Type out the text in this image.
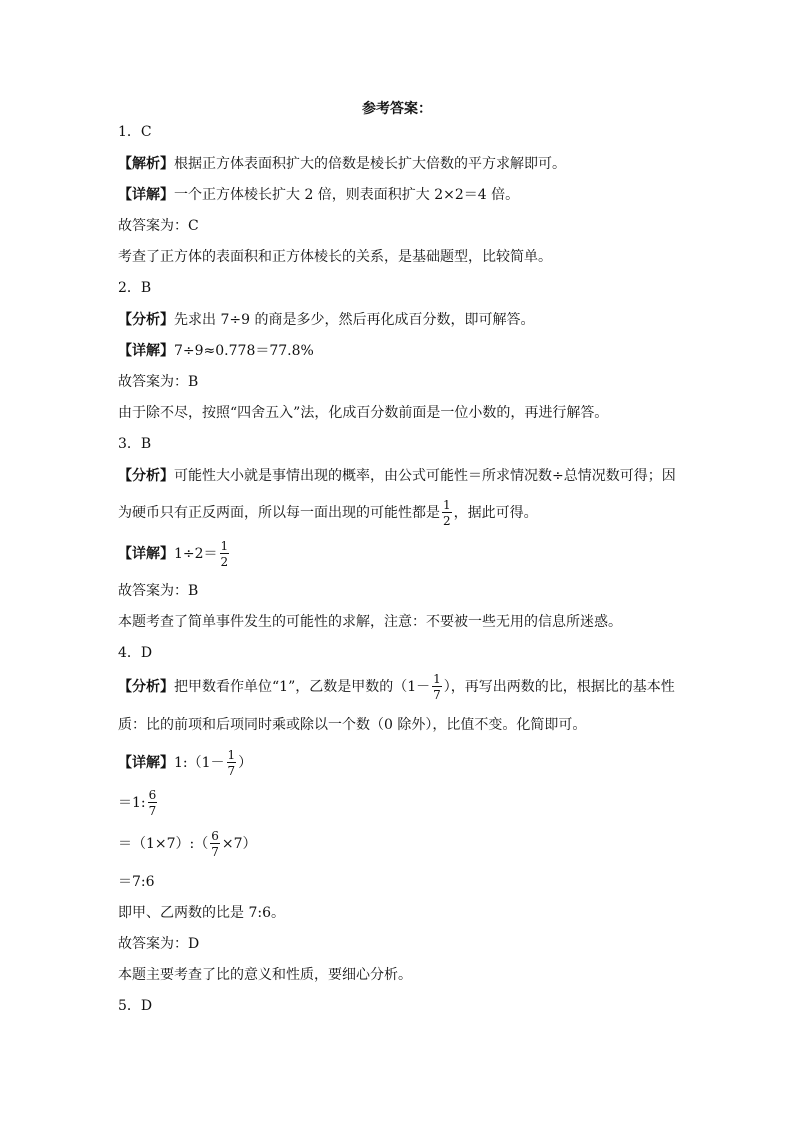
参考答案：
1．C
【解析】根据正方体表面积扩大的倍数是棱长扩大倍数的平方求解即可。
【详解】一个正方体棱长扩大 2 倍，则表面积扩大 2×2＝4 倍。
故答案为：C
考查了正方体的表面积和正方体棱长的关系，是基础题型，比较简单。
2．B
【分析】先求出 7÷9 的商是多少，然后再化成百分数，即可解答。
【详解】7÷9≈0.778＝77.8%
故答案为：B
由于除不尽，按照“四舍五入”法，化成百分数前面是一位小数的，再进行解答。
3．B
【分析】可能性大小就是事情出现的概率，由公式可能性＝所求情况数÷总情况数可得；因
为硬币只有正反两面，所以每一面出现的可能性都是 $\frac{1}{2}$ ，据此可得。
【详解】$1\div 2= \frac{1}{2}$
故答案为：B
本题考查了简单事件发生的可能性的求解，注意：不要被一些无用的信息所迷惑。
4．D
【分析】把甲数看作单位“1”，乙数是甲数的（$1- \frac{1}{7}$ ），再写出两数的比，根据比的基本性
质：比的前项和后项同时乘或除以一个数（0 除外），比值不变。化简即可。
【详解】1:（1－ $\frac{1}{7}$ ）
＝1: $\frac{6}{7}$
＝（1×7）:（ $\frac{6}{7} \times 7$）
＝7:6
即甲、乙两数的比是 7:6。
故答案为：D
本题主要考查了比的意义和性质，要细心分析。
5．D
